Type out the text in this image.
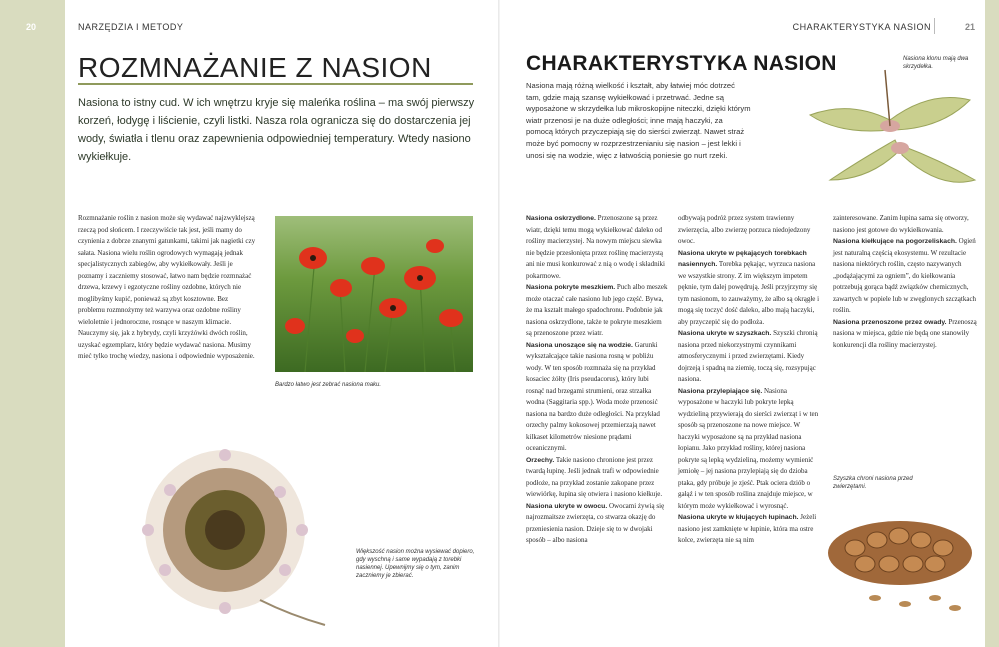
20	NARZĘDZIA I METODY
ROZMNAŻANIE Z NASION
Nasiona to istny cud. W ich wnętrzu kryje się maleńka roślina – ma swój pierwszy korzeń, łodygę i liścienie, czyli listki. Nasza rola ogranicza się do dostarczenia jej wody, światła i tlenu oraz zapewnienia odpowiedniej temperatury. Wtedy nasiono wykiełkuje.

Rozmnażanie roślin z nasion może się wydawać najzwyklejszą rzeczą pod słońcem. I rzeczywiście tak jest, jeśli mamy do czynienia z dobrze znanymi gatunkami, takimi jak nagietki czy sałata. Nasiona wielu roślin ogrodowych wymagają jednak specjalistycznych zabiegów, aby wykiełkowały. Jeśli je poznamy i zaczniemy stosować, łatwo nam będzie rozmnażać drzewa, krzewy i egzotyczne rośliny ozdobne, których nie moglibyśmy kupić, ponieważ są zbyt kosztowne. Bez problemu rozmnożymy też warzywa oraz ozdobne rośliny wieloletnie i jednoroczne, rosnące w naszym klimacie. Nauczymy się, jak z hybrydy, czyli krzyżówki dwóch roślin, uzyskać egzemplarz, który będzie wydawać nasiona. Musimy mieć tylko trochę wiedzy, nasiona i odpowiednie wyposażenie.

Bardzo łatwo jest zebrać nasiona maku.
Większość nasion można wysiewać dopiero, gdy wyschną i same wypadają z torebki nasiennej. Upewnijmy się o tym, zanim zaczniemy je zbierać.
CHARAKTERYSTYKA NASION	21
CHARAKTERYSTYKA NASION
Nasiona mają różną wielkość i kształt, aby łatwiej móc dotrzeć tam, gdzie mają szansę wykiełkować i przetrwać. Jedne są wyposażone w skrzydełka lub mikroskopijne niteczki, dzięki którym wiatr przenosi je na duże odległości; inne mają haczyki, za pomocą których przyczepiają się do sierści zwierząt. Nawet straż może być pomocny w rozprzestrzenianiu się nasion – jest lekki i unosi się na wodzie, więc z łatwością poniesie go nurt rzeki.
Nasiona klonu mają dwa skrzydełka.

Nasiona oskrzydlone. Przenoszone są przez wiatr, dzięki temu mogą wykiełkować daleko od rośliny macierzystej. Na nowym miejscu siewka nie będzie przesłonięta przez roślinę macierzystą ani nie musi konkurować z nią o wodę i składniki pokarmowe.

Nasiona pokryte meszkiem. Puch albo meszek może otaczać całe nasiono lub jego część. Bywa, że ma kształt małego spadochronu. Podobnie jak nasiona oskrzydlone, także te pokryte meszkiem są przenoszone przez wiatr.

Nasiona unoszące się na wodzie. Garunki wykształcające takie nasiona rosną w pobliżu wody. W ten sposób rozmnaża się na przykład kosaciec żółty (Iris pseudacorus), który lubi rosnąć nad brzegami strumieni, oraz strzałka wodna (Saggitaria spp.). Woda może przenosić nasiona na bardzo duże odległości. Na przykład orzechy palmy kokosowej przemierzają nawet kilkaset kilometrów niesione prądami oceanicznymi.

Orzechy. Takie nasiono chronione jest przez twardą łupinę. Jeśli jednak trafi w odpowiednie podłoże, na przykład zostanie zakopane przez wiewiórkę, łupina się otwiera i nasiono kiełkuje.

Nasiona ukryte w owocu. Owocami żywią się najrozmaitsze zwierzęta, co stwarza okazję do przeniesienia nasion. Dzieje się to w dwojaki sposób – albo nasiona

odbywają podróż przez system trawienny zwierzęcia, albo zwierzę porzuca niedojedzony owoc.

Nasiona ukryte w pękających torebkach nasiennych. Torebka pękając, wyrzuca nasiona we wszystkie strony. Z im większym impetem pęknie, tym dalej powędrują. Jeśli przyjrzymy się tym nasionom, to zauważymy, że albo są okrągłe i mogą się toczyć dość daleko, albo mają haczyki, aby przyczepić się do podłoża.

Nasiona ukryte w szyszkach. Szyszki chronią nasiona przed niekorzystnymi czynnikami atmosferycznymi i przed zwierzętami. Kiedy dojrzeją i spadną na ziemię, toczą się, rozsypując nasiona.

Nasiona przylepiające się. Nasiona wyposażone w haczyki lub pokryte lepką wydzieliną przywierają do sierści zwierząt i w ten sposób są przenoszone na nowe miejsce. W haczyki wyposażone są na przykład nasiona łopianu. Jako przykład rośliny, której nasiona pokryte są lepką wydzieliną, możemy wymienić jemiołę – jej nasiona przylepiają się do dzioba ptaka, gdy próbuje je zjeść. Ptak ociera dziób o gałąź i w ten sposób roślina znajduje miejsce, w którym może wykiełkować i wyrosnąć.

Nasiona ukryte w kłujących łupinach. Jeżeli nasiono jest zamknięte w łupinie, która ma ostre kolce, zwierzęta nie są nim

zainteresowane. Zanim łupina sama się otworzy, nasiono jest gotowe do wykiełkowania.

Nasiona kiełkujące na pogorzeliskach. Ogień jest naturalną częścią ekosystemu. W rezultacie nasiona niektórych roślin, często nazywanych „podążającymi za ogniem”, do kiełkowania potrzebują gorąca bądź związków chemicznych, zawartych w popiele lub w zwęglonych szczątkach roślin.

Nasiona przenoszone przez owady. Przenoszą nasiona w miejsca, gdzie nie będą one stanowiły konkurencji dla rośliny macierzystej.

Szyszka chroni nasiona przed zwierzętami.
